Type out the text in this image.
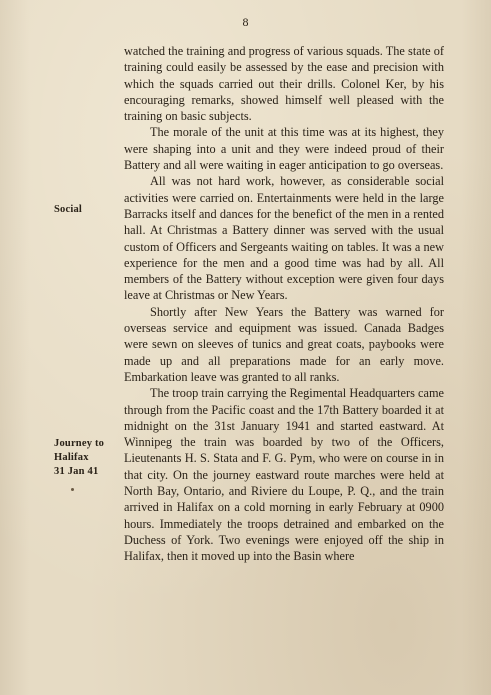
8
Social
Journey to
Halifax
31 Jan 41

watched the training and progress of various squads. The state of training could easily be assessed by the ease and precision with which the squads carried out their drills. Colonel Ker, by his encouraging remarks, showed himself well pleased with the training on basic subjects.

The morale of the unit at this time was at its highest, they were shaping into a unit and they were indeed proud of their Battery and all were waiting in eager anticipation to go overseas.

All was not hard work, however, as considerable social activities were carried on. Entertainments were held in the large Barracks itself and dances for the benefict of the men in a rented hall. At Christmas a Battery dinner was served with the usual custom of Officers and Sergeants waiting on tables. It was a new experience for the men and a good time was had by all. All members of the Battery without exception were given four days leave at Christmas or New Years.

Shortly after New Years the Battery was warned for overseas service and equipment was issued. Canada Badges were sewn on sleeves of tunics and great coats, paybooks were made up and all preparations made for an early move. Embarkation leave was granted to all ranks.

The troop train carrying the Regimental Headquarters came through from the Pacific coast and the 17th Battery boarded it at midnight on the 31st January 1941 and started eastward. At Winnipeg the train was boarded by two of the Officers, Lieutenants H. S. Stata and F. G. Pym, who were on course in in that city. On the journey eastward route marches were held at North Bay, Ontario, and Riviere du Loupe, P. Q., and the train arrived in Halifax on a cold morning in early February at 0900 hours. Immediately the troops detrained and embarked on the Duchess of York. Two evenings were enjoyed off the ship in Halifax, then it moved up into the Basin where
